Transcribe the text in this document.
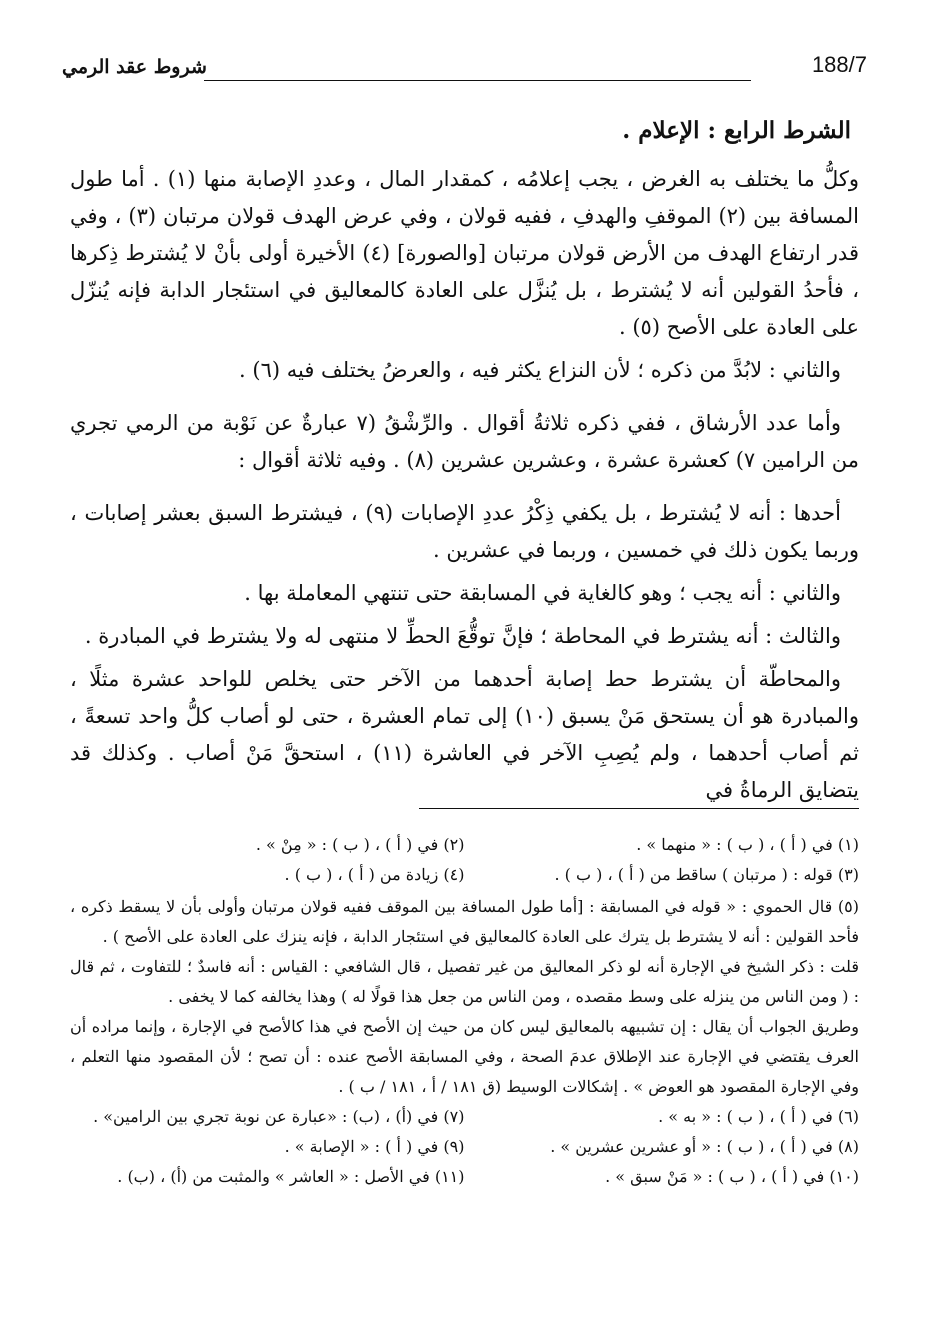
188/7
شروط عقد الرمي
الشرط الرابع : الإعلام .

وكلُّ ما يختلف به الغرض ، يجب إعلامُه ، كمقدار المال ، وعددِ الإصابة منها (١) . أما طول المسافة بين (٢) الموقفِ والهدفِ ، ففيه قولان ، وفي عرض الهدف قولان مرتبان (٣) ، وفي قدر ارتفاع الهدف من الأرض قولان مرتبان [والصورة] (٤) الأخيرة أولى بأنْ لا يُشترط ذِكرها ، فأحدُ القولين أنه لا يُشترط ، بل يُنزَّل على العادة كالمعاليق في استئجار الدابة فإنه يُنزّل على العادة على الأصح (٥) .

والثاني : لابُدَّ من ذكره ؛ لأن النزاع يكثر فيه ، والعرضُ يختلف فيه (٦) .

وأما عدد الأرشاق ، ففي ذكره ثلاثةُ أقوال . والرِّشْقُ (٧ عبارةٌ عن نَوْبة من الرمي تجري من الرامين ٧) كعشرة عشرة ، وعشرين عشرين (٨) . وفيه ثلاثة أقوال :

أحدها : أنه لا يُشترط ، بل يكفي ذِكْرُ عددِ الإصابات (٩) ، فيشترط السبق بعشر إصابات ، وربما يكون ذلك في خمسين ، وربما في عشرين .

والثاني : أنه يجب ؛ وهو كالغاية في المسابقة حتى تنتهي المعاملة بها .

والثالث : أنه يشترط في المحاطة ؛ فإنَّ توقُّعَ الحطِّ لا منتهى له ولا يشترط في المبادرة .

والمحاطّة أن يشترط حط إصابة أحدهما من الآخر حتى يخلص للواحد عشرة مثلًا ، والمبادرة هو أن يستحق مَنْ يسبق (١٠) إلى تمام العشرة ، حتى لو أصاب كلُّ واحد تسعةً ، ثم أصاب أحدهما ، ولم يُصِبِ الآخر في العاشرة (١١) ، استحقَّ مَنْ أصاب . وكذلك قد يتضايق الرماةُ في

(١) في ( أ ) ، ( ب ) : « منهما » .
(٢) في ( أ ) ، ( ب ) : « مِنْ » .
(٣) قوله : ( مرتبان ) ساقط من ( أ ) ، ( ب ) .
(٤) زيادة من ( أ ) ، ( ب ) .

(٥) قال الحموي : « قوله في المسابقة : [أما طول المسافة بين الموقف ففيه قولان مرتبان وأولى بأن لا يسقط ذكره ، فأحد القولين : أنه لا يشترط بل يترك على العادة كالمعاليق في استئجار الدابة ، فإنه ينزك على العادة على الأصح ) .

قلت : ذكر الشيخ في الإجارة أنه لو ذكر المعاليق من غير تفصيل ، قال الشافعي : القياس : أنه فاسدٌ ؛ للتفاوت ، ثم قال : ( ومن الناس من ينزله على وسط مقصده ، ومن الناس من جعل هذا قولًا له ) وهذا يخالفه كما لا يخفى .

وطريق الجواب أن يقال : إن تشبيهه بالمعاليق ليس كان من حيث إن الأصح في هذا كالأصح في الإجارة ، وإنما مراده أن العرف يقتضي في الإجارة عند الإطلاق عدمَ الصحة ، وفي المسابقة الأصح عنده : أن تصح ؛ لأن المقصود منها التعلم ، وفي الإجارة المقصود هو العوض » . إشكالات الوسيط (ق ١٨١ / أ ، ١٨١ / ب ) .

(٦) في ( أ ) ، ( ب ) : « به » .
(٧) في (أ) ، (ب) : «عبارة عن نوبة تجري بين الرامين» .
(٨) في ( أ ) ، ( ب ) : « أو عشرين عشرين » .
(٩) في ( أ ) : « الإصابة » .
(١٠) في ( أ ) ، ( ب ) : « مَنْ سبق » .
(١١) في الأصل : « العاشر » والمثبت من (أ) ، (ب) .
